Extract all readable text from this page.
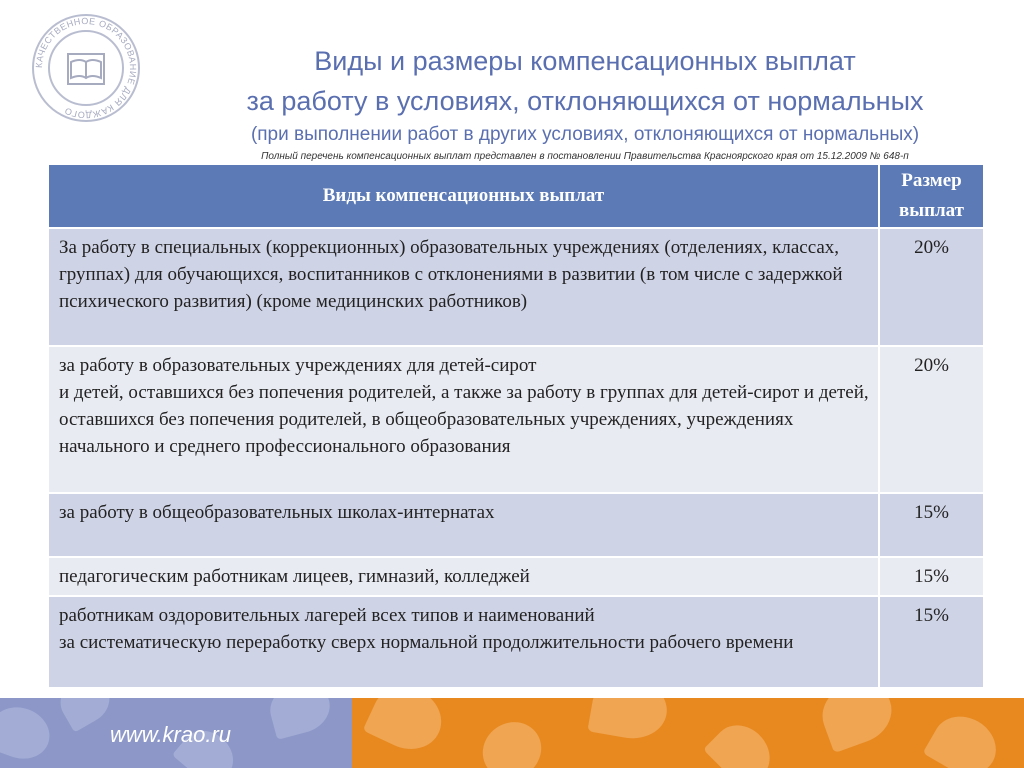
КАЧЕСТВЕННОЕ ОБРАЗОВАНИЕ ДЛЯ КАЖДОГО
Виды и размеры компенсационных выплат
за работу в условиях, отклоняющихся от нормальных
(при выполнении работ в других условиях, отклоняющихся от нормальных)
Полный перечень компенсационных выплат представлен в постановлении Правительства Красноярского края от 15.12.2009 № 648-п
Виды компенсационных выплат	Размер
выплат
За работу в специальных (коррекционных) образовательных учреждениях (отделениях, классах, группах) для обучающихся, воспитанников с отклонениями в развитии (в том числе с задержкой психического развития) (кроме медицинских работников)	20%
за работу в образовательных учреждениях для детей-сирот
и детей, оставшихся без попечения родителей, а также за работу в группах для детей-сирот и детей, оставшихся без попечения родителей, в общеобразовательных учреждениях, учреждениях начального и среднего профессионального образования	20%
за работу в общеобразовательных школах-интернатах	15%
педагогическим работникам лицеев, гимназий, колледжей	15%
работникам оздоровительных лагерей всех типов и наименований
за систематическую переработку сверх нормальной продолжительности рабочего времени	15%
www.krao.ru
